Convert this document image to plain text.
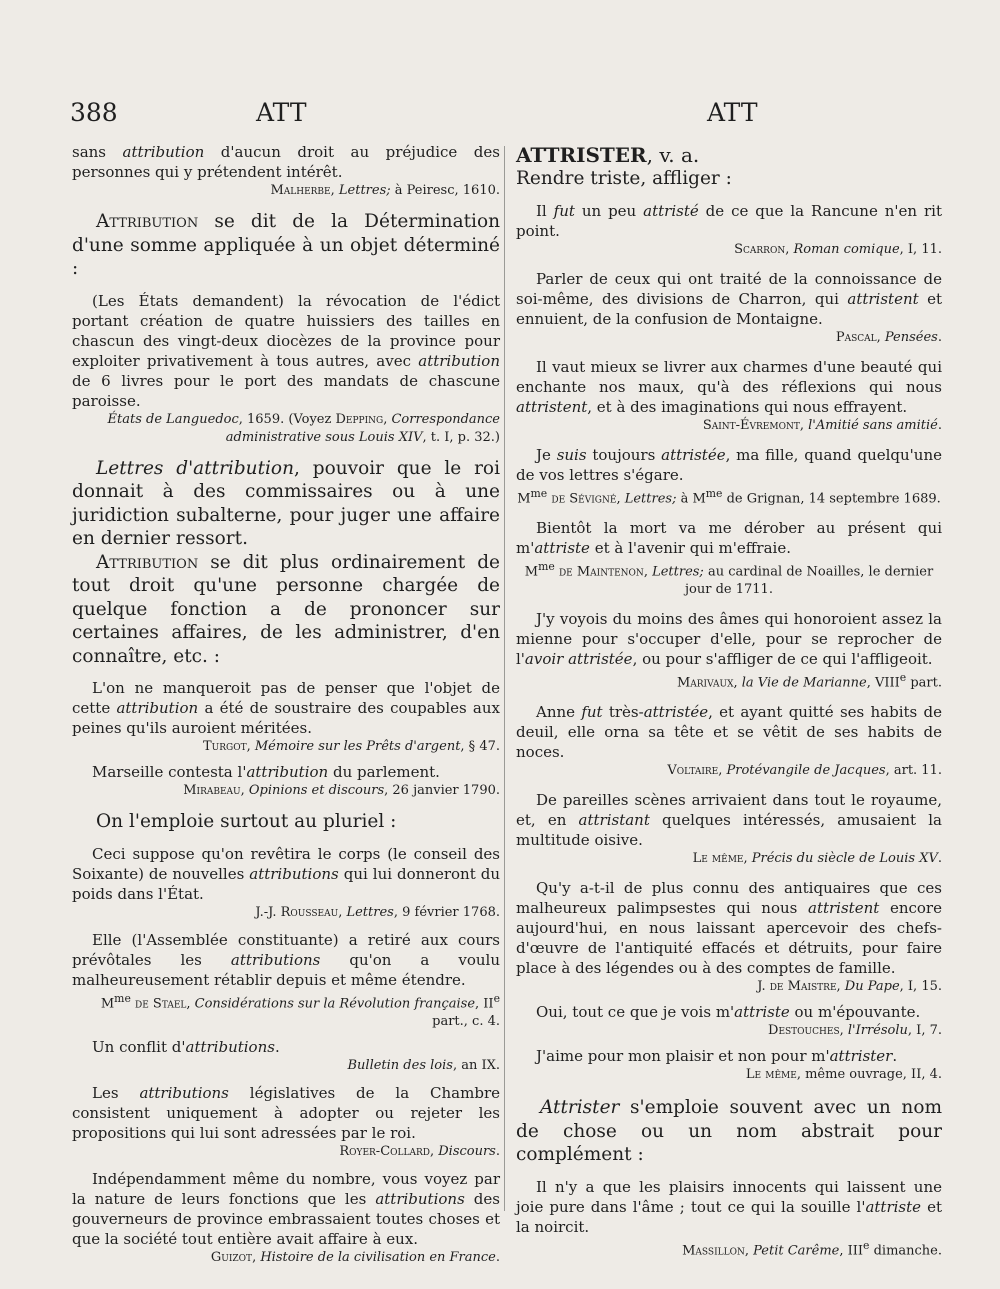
388	ATT	ATT

sans attribution d'aucun droit au préjudice des personnes qui y prétendent intérêt.

Malherbe, Lettres; à Peiresc, 1610.

Attribution se dit de la Détermination d'une somme appliquée à un objet déterminé :

(Les États demandent) la révocation de l'édict portant création de quatre huissiers des tailles en chascun des vingt-deux diocèzes de la province pour exploiter privativement à tous autres, avec attribution de 6 livres pour le port des mandats de chascune paroisse.

États de Languedoc, 1659. (Voyez Depping, Correspondance administrative sous Louis XIV, t. I, p. 32.)

Lettres d'attribution, pouvoir que le roi donnait à des commissaires ou à une juridiction subalterne, pour juger une affaire en dernier ressort.

Attribution se dit plus ordinairement de tout droit qu'une personne chargée de quelque fonction a de prononcer sur certaines affaires, de les administrer, d'en connaître, etc. :

L'on ne manqueroit pas de penser que l'objet de cette attribution a été de soustraire des coupables aux peines qu'ils auroient méritées.

Turgot, Mémoire sur les Prêts d'argent, § 47.

Marseille contesta l'attribution du parlement.

Mirabeau, Opinions et discours, 26 janvier 1790.

On l'emploie surtout au pluriel :

Ceci suppose qu'on revêtira le corps (le conseil des Soixante) de nouvelles attributions qui lui donneront du poids dans l'État.

J.-J. Rousseau, Lettres, 9 février 1768.

Elle (l'Assemblée constituante) a retiré aux cours prévôtales les attributions qu'on a voulu malheureusement rétablir depuis et même étendre.

$M^{me}$ de Stael, Considérations sur la Révolution française, IIe part., c. 4.

Un conflit d'attributions.

Bulletin des lois, an IX.

Les attributions législatives de la Chambre consistent uniquement à adopter ou rejeter les propositions qui lui sont adressées par le roi.

Royer-Collard, Discours.

Indépendamment même du nombre, vous voyez par la nature de leurs fonctions que les attributions des gouverneurs de province embrassaient toutes choses et que la société tout entière avait affaire à eux.

Guizot, Histoire de la civilisation en France.

ATTRISTER, v. a.

Rendre triste, affliger :

Il fut un peu attristé de ce que la Rancune n'en rit point.

Scarron, Roman comique, I, 11.

Parler de ceux qui ont traité de la connoissance de soi-même, des divisions de Charron, qui attristent et ennuient, de la confusion de Montaigne.

Pascal, Pensées.

Il vaut mieux se livrer aux charmes d'une beauté qui enchante nos maux, qu'à des réflexions qui nous attristent, et à des imaginations qui nous effrayent.

Saint-Évremont, l'Amitié sans amitié.

Je suis toujours attristée, ma fille, quand quelqu'une de vos lettres s'égare.

$M^{me}$ de Sévigné, Lettres; à $M^{me}$ de Grignan, 14 septembre 1689.

Bientôt la mort va me dérober au présent qui m'attriste et à l'avenir qui m'effraie.

$M^{me}$ de Maintenon, Lettres; au cardinal de Noailles, le dernier jour de 1711.

J'y voyois du moins des âmes qui honoroient assez la mienne pour s'occuper d'elle, pour se reprocher de l'avoir attristée, ou pour s'affliger de ce qui l'affligeoit.

Marivaux, la Vie de Marianne, VIIIe part.

Anne fut très-attristée, et ayant quitté ses habits de deuil, elle orna sa tête et se vêtit de ses habits de noces.

Voltaire, Protévangile de Jacques, art. 11.

De pareilles scènes arrivaient dans tout le royaume, et, en attristant quelques intéressés, amusaient la multitude oisive.

Le même, Précis du siècle de Louis XV.

Qu'y a-t-il de plus connu des antiquaires que ces malheureux palimpsestes qui nous attristent encore aujourd'hui, en nous laissant apercevoir des chefs-d'œuvre de l'antiquité effacés et détruits, pour faire place à des légendes ou à des comptes de famille.

J. de Maistre, Du Pape, I, 15.

Oui, tout ce que je vois m'attriste ou m'épouvante.

Destouches, l'Irrésolu, I, 7.

J'aime pour mon plaisir et non pour m'attrister.

Le même, même ouvrage, II, 4.

Attrister s'emploie souvent avec un nom de chose ou un nom abstrait pour complément :

Il n'y a que les plaisirs innocents qui laissent une joie pure dans l'âme ; tout ce qui la souille l'attriste et la noircit.

Massillon, Petit Carême, IIIe dimanche.
